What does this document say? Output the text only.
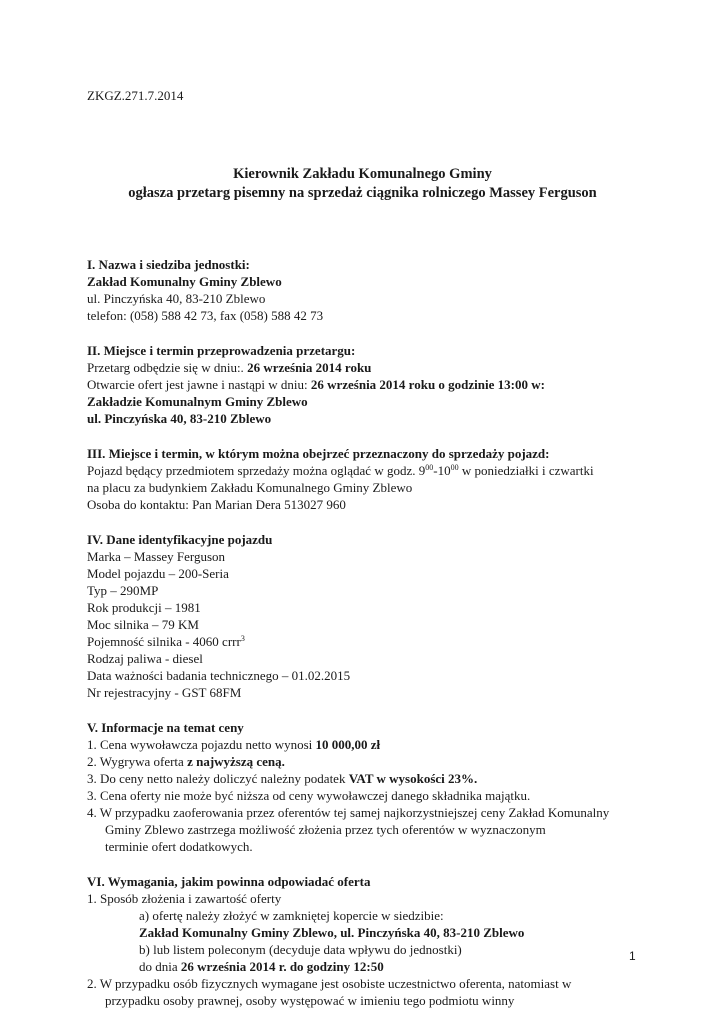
ZKGZ.271.7.2014
Kierownik Zakładu Komunalnego Gminy
ogłasza przetarg pisemny na sprzedaż ciągnika rolniczego Massey Ferguson

I. Nazwa i siedziba jednostki:

Zakład Komunalny Gminy Zblewo

ul. Pinczyńska 40, 83-210 Zblewo

telefon: (058) 588 42 73, fax (058) 588 42 73

II. Miejsce i termin przeprowadzenia przetargu:

Przetarg odbędzie się w dniu:. 26 września 2014 roku

Otwarcie ofert jest jawne i nastąpi w dniu: 26 września 2014 roku o godzinie 13:00 w:

Zakładzie Komunalnym Gminy Zblewo

ul. Pinczyńska 40, 83-210 Zblewo

III. Miejsce i termin, w którym można obejrzeć przeznaczony do sprzedaży pojazd:

Pojazd będący przedmiotem sprzedaży można oglądać w godz. $9^{00}-10^{00}$ w poniedziałki i czwartki

na placu za budynkiem Zakładu Komunalnego Gminy Zblewo

Osoba do kontaktu: Pan Marian Dera 513027 960

IV. Dane identyfikacyjne pojazdu

Marka – Massey Ferguson

Model pojazdu – 200-Seria

Typ – 290MP

Rok produkcji – 1981

Moc silnika – 79 KM

Pojemność silnika - 4060 crrr$^3$

Rodzaj paliwa - diesel

Data ważności badania technicznego – 01.02.2015

Nr rejestracyjny - GST 68FM

V. Informacje na temat ceny

1. Cena wywoławcza pojazdu netto wynosi 10 000,00 zł

2. Wygrywa oferta z najwyższą ceną.

3. Do ceny netto należy doliczyć należny podatek VAT w wysokości 23%.

3. Cena oferty nie może być niższa od ceny wywoławczej danego składnika majątku.

4. W przypadku zaoferowania przez oferentów tej samej najkorzystniejszej ceny Zakład Komunalny

Gminy Zblewo zastrzega możliwość złożenia przez tych oferentów w wyznaczonym

terminie ofert dodatkowych.

VI. Wymagania, jakim powinna odpowiadać oferta

1. Sposób złożenia i zawartość oferty

a) ofertę należy złożyć w zamkniętej kopercie w siedzibie:

Zakład Komunalny Gminy Zblewo, ul. Pinczyńska 40, 83-210 Zblewo

b) lub listem poleconym (decyduje data wpływu do jednostki)

do dnia 26 września 2014 r. do godziny 12:50

2. W przypadku osób fizycznych wymagane jest osobiste uczestnictwo oferenta, natomiast w

przypadku osoby prawnej, osoby występować w imieniu tego podmiotu winny

1
